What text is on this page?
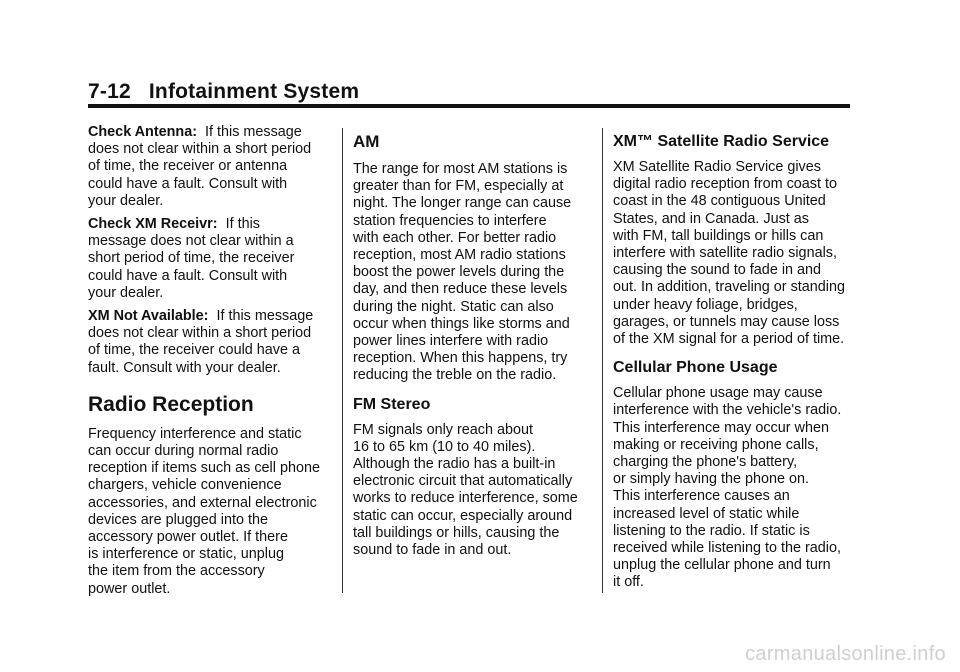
7-12 Infotainment System

Check Antenna: If this message
does not clear within a short period
of time, the receiver or antenna
could have a fault. Consult with
your dealer.

Check XM Receivr: If this
message does not clear within a
short period of time, the receiver
could have a fault. Consult with
your dealer.

XM Not Available: If this message
does not clear within a short period
of time, the receiver could have a
fault. Consult with your dealer.

Radio Reception

Frequency interference and static
can occur during normal radio
reception if items such as cell phone
chargers, vehicle convenience
accessories, and external electronic
devices are plugged into the
accessory power outlet. If there
is interference or static, unplug
the item from the accessory
power outlet.

AM

The range for most AM stations is
greater than for FM, especially at
night. The longer range can cause
station frequencies to interfere
with each other. For better radio
reception, most AM radio stations
boost the power levels during the
day, and then reduce these levels
during the night. Static can also
occur when things like storms and
power lines interfere with radio
reception. When this happens, try
reducing the treble on the radio.

FM Stereo

FM signals only reach about
16 to 65 km (10 to 40 miles).
Although the radio has a built-in
electronic circuit that automatically
works to reduce interference, some
static can occur, especially around
tall buildings or hills, causing the
sound to fade in and out.

XM™ Satellite Radio Service

XM Satellite Radio Service gives
digital radio reception from coast to
coast in the 48 contiguous United
States, and in Canada. Just as
with FM, tall buildings or hills can
interfere with satellite radio signals,
causing the sound to fade in and
out. In addition, traveling or standing
under heavy foliage, bridges,
garages, or tunnels may cause loss
of the XM signal for a period of time.

Cellular Phone Usage

Cellular phone usage may cause
interference with the vehicle's radio.
This interference may occur when
making or receiving phone calls,
charging the phone's battery,
or simply having the phone on.
This interference causes an
increased level of static while
listening to the radio. If static is
received while listening to the radio,
unplug the cellular phone and turn
it off.

carmanualsonline.info
